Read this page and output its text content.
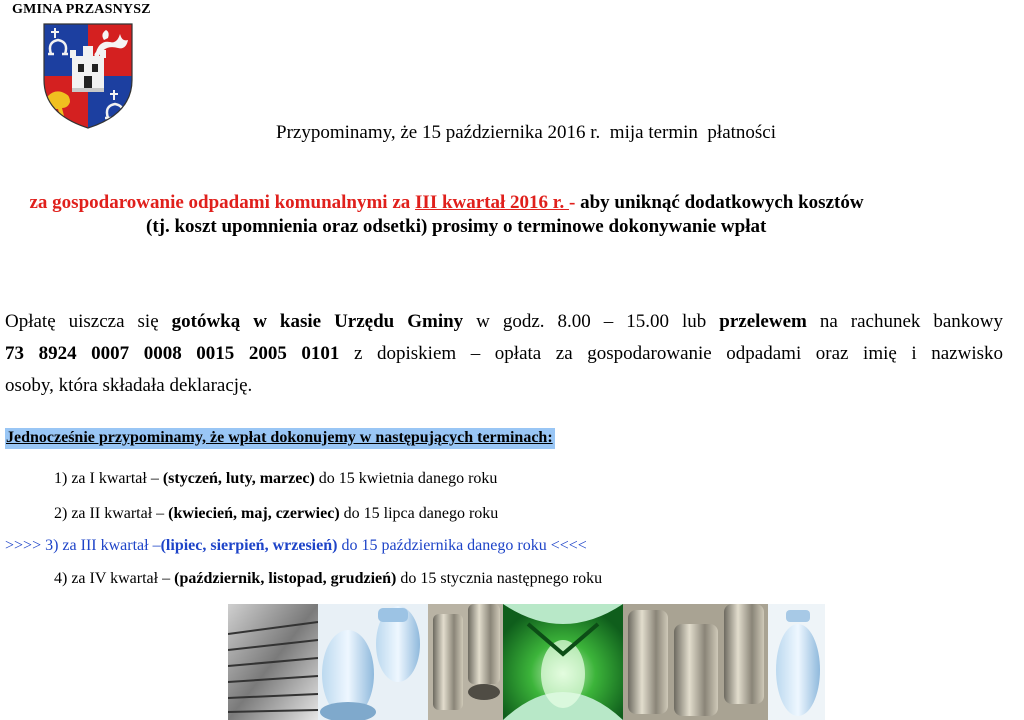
GMINA PRZASNYSZ
Przypominamy, że 15 października 2016 r.  mija termin  płatności

za gospodarowanie odpadami komunalnymi za III kwartał 2016 r. - aby uniknąć dodatkowych kosztów

(tj. koszt upomnienia oraz odsetki) prosimy o terminowe dokonywanie wpłat
Opłatę uiszcza się gotówką w kasie Urzędu Gminy w godz. 8.00 – 15.00 lub przelewem na rachunek bankowy
73 8924 0007 0008 0015 2005 0101 z dopiskiem – opłata za gospodarowanie odpadami oraz imię i nazwisko
osoby, która składała deklarację.
Jednocześnie przypominamy, że wpłat dokonujemy w następujących terminach:
1) za I kwartał – (styczeń, luty, marzec) do 15 kwietnia danego roku
2) za II kwartał – (kwiecień, maj, czerwiec) do 15 lipca danego roku
>>>> 3) za III kwartał –(lipiec, sierpień, wrzesień) do 15 października danego roku <<<<
4) za IV kwartał – (październik, listopad, grudzień) do 15 stycznia następnego roku
